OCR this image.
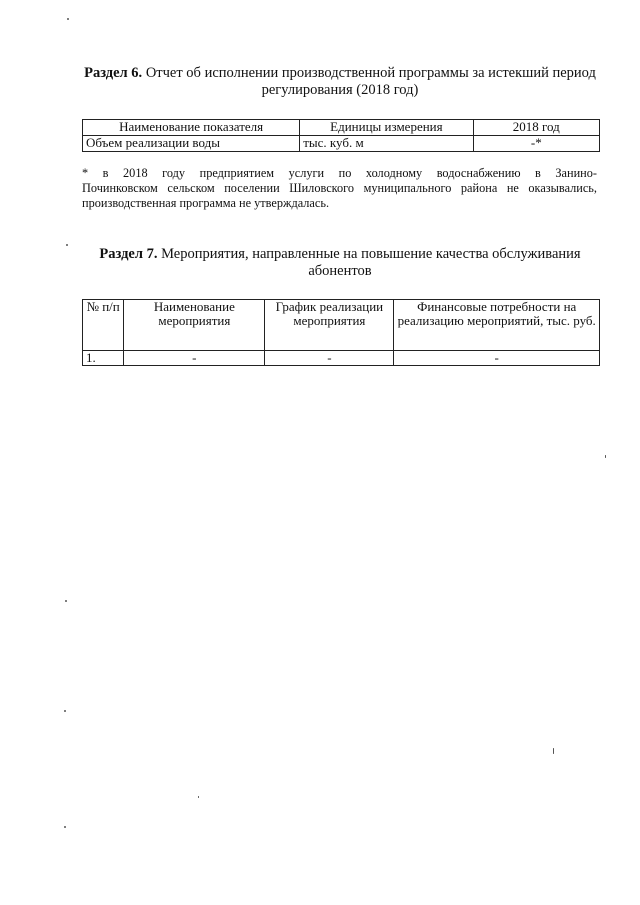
Раздел 6. Отчет об исполнении производственной программы за истекший период регулирования (2018 год)
Наименование показателя	Единицы измерения	2018 год
Объем реализации воды	тыс. куб. м	-*
* в 2018 году предприятием услуги по холодному водоснабжению в Занино-
Починковском сельском поселении Шиловского муниципального района не оказывались, производственная программа не утверждалась.
Раздел 7. Мероприятия, направленные на повышение качества обслуживания абонентов
№ п/п	Наименование мероприятия	График реализации мероприятия	Финансовые потребности на реализацию мероприятий, тыс. руб.
1.	-	-	-
